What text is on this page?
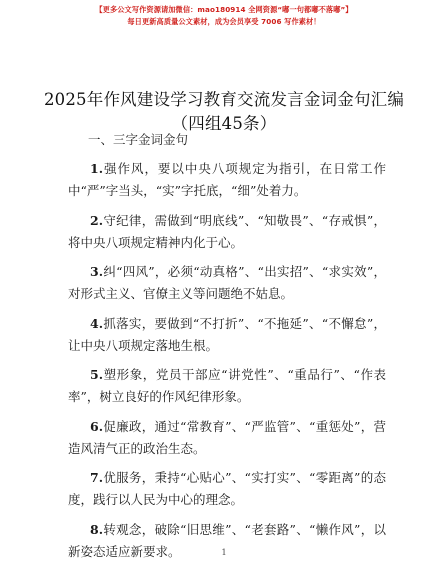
【更多公文写作资源请加微信：mao180914 全网资源“嘟一句都嘟不落嘟”】
每日更新高质量公文素材，成为会员享受 7006 写作素材！
2025年作风建设学习教育交流发言金词金句汇编（四组45条）
一、三字金词金句

1.强作风，要以中央八项规定为指引，在日常工作中“严”字当头，“实”字托底，“细”处着力。

2.守纪律，需做到“明底线”、“知敬畏”、“存戒惧”，将中央八项规定精神内化于心。

3.纠“四风”，必须“动真格”、“出实招”、“求实效”，对形式主义、官僚主义等问题绝不姑息。

4.抓落实，要做到“不打折”、“不拖延”、“不懈怠”，让中央八项规定落地生根。

5.塑形象，党员干部应“讲党性”、“重品行”、“作表率”，树立良好的作风纪律形象。

6.促廉政，通过“常教育”、“严监管”、“重惩处”，营造风清气正的政治生态。

7.优服务，秉持“心贴心”、“实打实”、“零距离”的态度，践行以人民为中心的理念。

8.转观念，破除“旧思维”、“老套路”、“懒作风”，以新姿态适应新要求。	1
